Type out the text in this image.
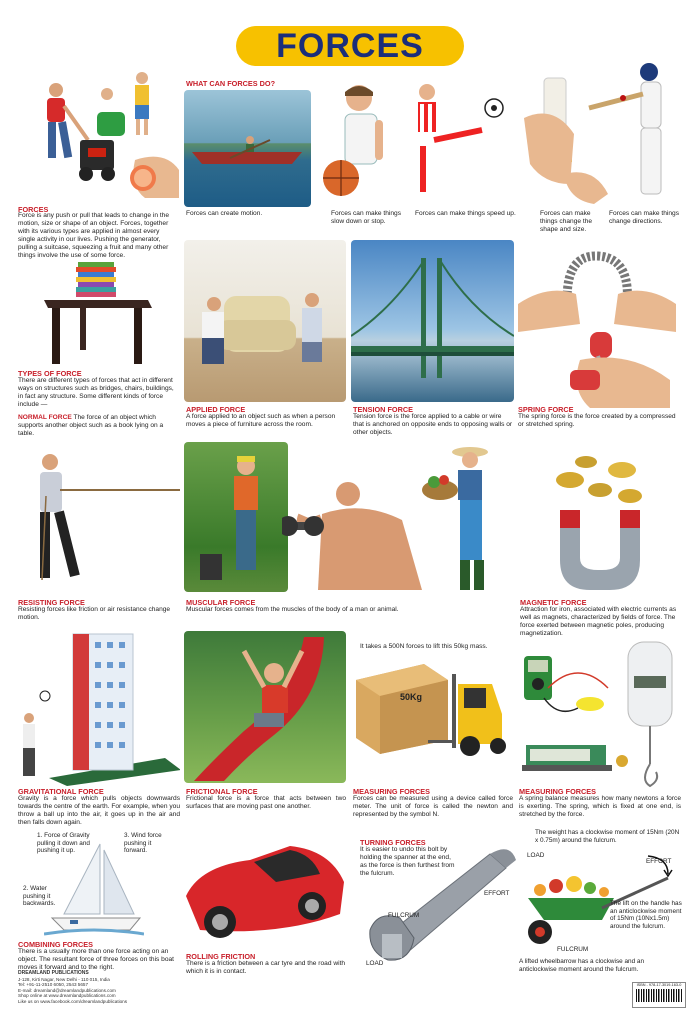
FORCES
FORCES
Force is any push or pull that leads to change in the motion, size or shape of an object. Forces, together with its various types are applied in almost every single activity in our lives. Pushing the generator, pulling a suitcase, squeezing a fruit and many other things involve the use of some force.
WHAT CAN FORCES DO?
Forces can create motion.	Forces can make things slow down or stop.
Forces can make things speed up.	Forces can make things change the shape and size.
Forces can make things change directions.
TYPES OF FORCE
There are different types of forces that act in different ways on structures such as bridges, chairs, buildings, in fact any structure. Some different kinds of force include —
NORMAL FORCE The force of an object which supports another object such as a book lying on a table.
APPLIED FORCE
A force applied to an object such as when a person moves a piece of furniture across the room.
TENSION FORCE
Tension force is the force applied to a cable or wire that is anchored on opposite ends to opposing walls or other objects.
SPRING FORCE
The spring force is the force created by a compressed or stretched spring.
RESISTING FORCE
Resisting forces like friction or air resistance change motion.
MUSCULAR FORCE
Muscular forces comes from the muscles of the body of a man or animal.
MAGNETIC FORCE
Attraction for iron, associated with electric currents as well as magnets, characterized by fields of force. The force exerted between magnetic poles, producing magnetization.
GRAVITATIONAL FORCE
Gravity is a force which pulls objects downwards towards the centre of the earth. For example, when you throw a ball up into the air, it goes up in the air and then falls down again.
FRICTIONAL FORCE
Frictional force is a force that acts between two surfaces that are moving past one another.
It takes a 500N forces to lift this 50kg mass.
50Kg
MEASURING FORCES
Forces can be measured using a device called force meter. The unit of force is called the newton and represented by the symbol N.
MEASURING FORCES
A spring balance measures how many newtons a force is exerting. The spring, which is fixed at one end, is stretched by the force.
1. Force of Gravity pulling it down and pushing it up.
3. Wind force pushing it forward.
2. Water pushing it backwards.
COMBINING FORCES
There is a usually more than one force acting on an object. The resultant force of three forces on this boat moves it forward and to the right.
ROLLING FRICTION
There is a friction between a car tyre and the road with which it is in contact.
TURNING FORCES
It is easier to undo this bolt by holding the spanner at the end, as the force is then furthest from the fulcrum.
FULCRUM
EFFORT
LOAD
The weight has a clockwise moment of 15Nm (20N x 0.75m) around the fulcrum.
LOAD
EFFORT
The lift on the handle has an anticlockwise moment of 15Nm (10Nx1.5m) around the fulcrum.
FULCRUM
A lifted wheelbarrow has a clockwise and an anticlockwise moment around the fulcrum.
DREAMLAND PUBLICATIONS
J-128, Kirti Nagar, New Delhi - 110 015, India
Tel: +91-11-2510 6050, 2543 5657
E-mail: dreamland@dreamlandpublications.com
Shop online at www.dreamlandpublications.com
Like us on www.facebook.com/dreamlandpublications
ISBN - 978-17-3019-163-0
